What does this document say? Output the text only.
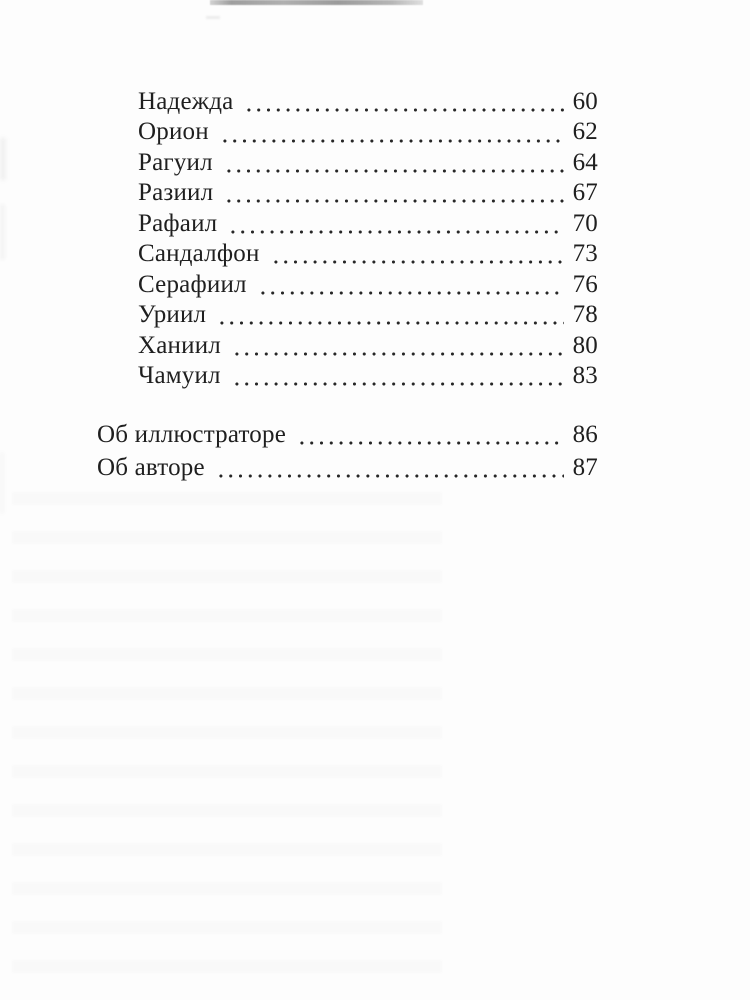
Надежда	60
Орион	62
Рагуил	64
Разиил	67
Рафаил	70
Сандалфон	73
Серафиил	76
Уриил	78
Ханиил	80
Чамуил	83
Об иллюстраторе	86
Об авторе	87
